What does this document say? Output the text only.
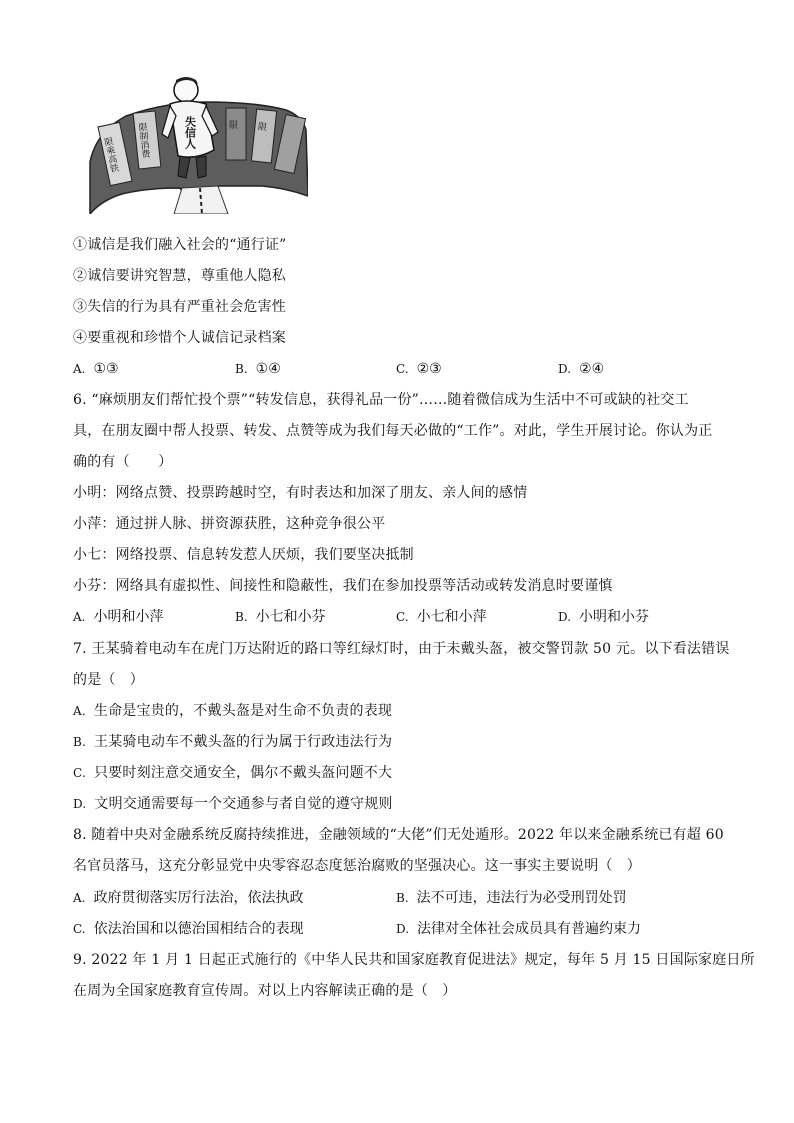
限乘高铁 限制消费	限 限
失信人
①诚信是我们融入社会的“通行证”
②诚信要讲究智慧，尊重他人隐私
③失信的行为具有严重社会危害性
④要重视和珍惜个人诚信记录档案
A. ①③	B. ①④	C. ②③	D. ②④
6. “麻烦朋友们帮忙投个票”“转发信息，获得礼品一份”……随着微信成为生活中不可或缺的社交工
具，在朋友圈中帮人投票、转发、点赞等成为我们每天必做的“工作”。对此，学生开展讨论。你认为正
确的有（　　）
小明：网络点赞、投票跨越时空，有时表达和加深了朋友、亲人间的感情
小萍：通过拼人脉、拼资源获胜，这种竞争很公平
小七：网络投票、信息转发惹人厌烦，我们要坚决抵制
小芬：网络具有虚拟性、间接性和隐蔽性，我们在参加投票等活动或转发消息时要谨慎
A. 小明和小萍	B. 小七和小芬	C. 小七和小萍	D. 小明和小芬
7. 王某骑着电动车在虎门万达附近的路口等红绿灯时，由于未戴头盔，被交警罚款 50 元。以下看法错误
的是（　）
A. 生命是宝贵的，不戴头盔是对生命不负责的表现
B. 王某骑电动车不戴头盔的行为属于行政违法行为
C. 只要时刻注意交通安全，偶尔不戴头盔问题不大
D. 文明交通需要每一个交通参与者自觉的遵守规则
8. 随着中央对金融系统反腐持续推进，金融领域的“大佬”们无处遁形。2022 年以来金融系统已有超 60
名官员落马，这充分彰显党中央零容忍态度惩治腐败的坚强决心。这一事实主要说明（　）
A. 政府贯彻落实厉行法治，依法执政	B. 法不可违，违法行为必受刑罚处罚
C. 依法治国和以德治国相结合的表现	D. 法律对全体社会成员具有普遍约束力
9. 2022 年 1 月 1 日起正式施行的《中华人民共和国家庭教育促进法》规定，每年 5 月 15 日国际家庭日所
在周为全国家庭教育宣传周。对以上内容解读正确的是（　）
